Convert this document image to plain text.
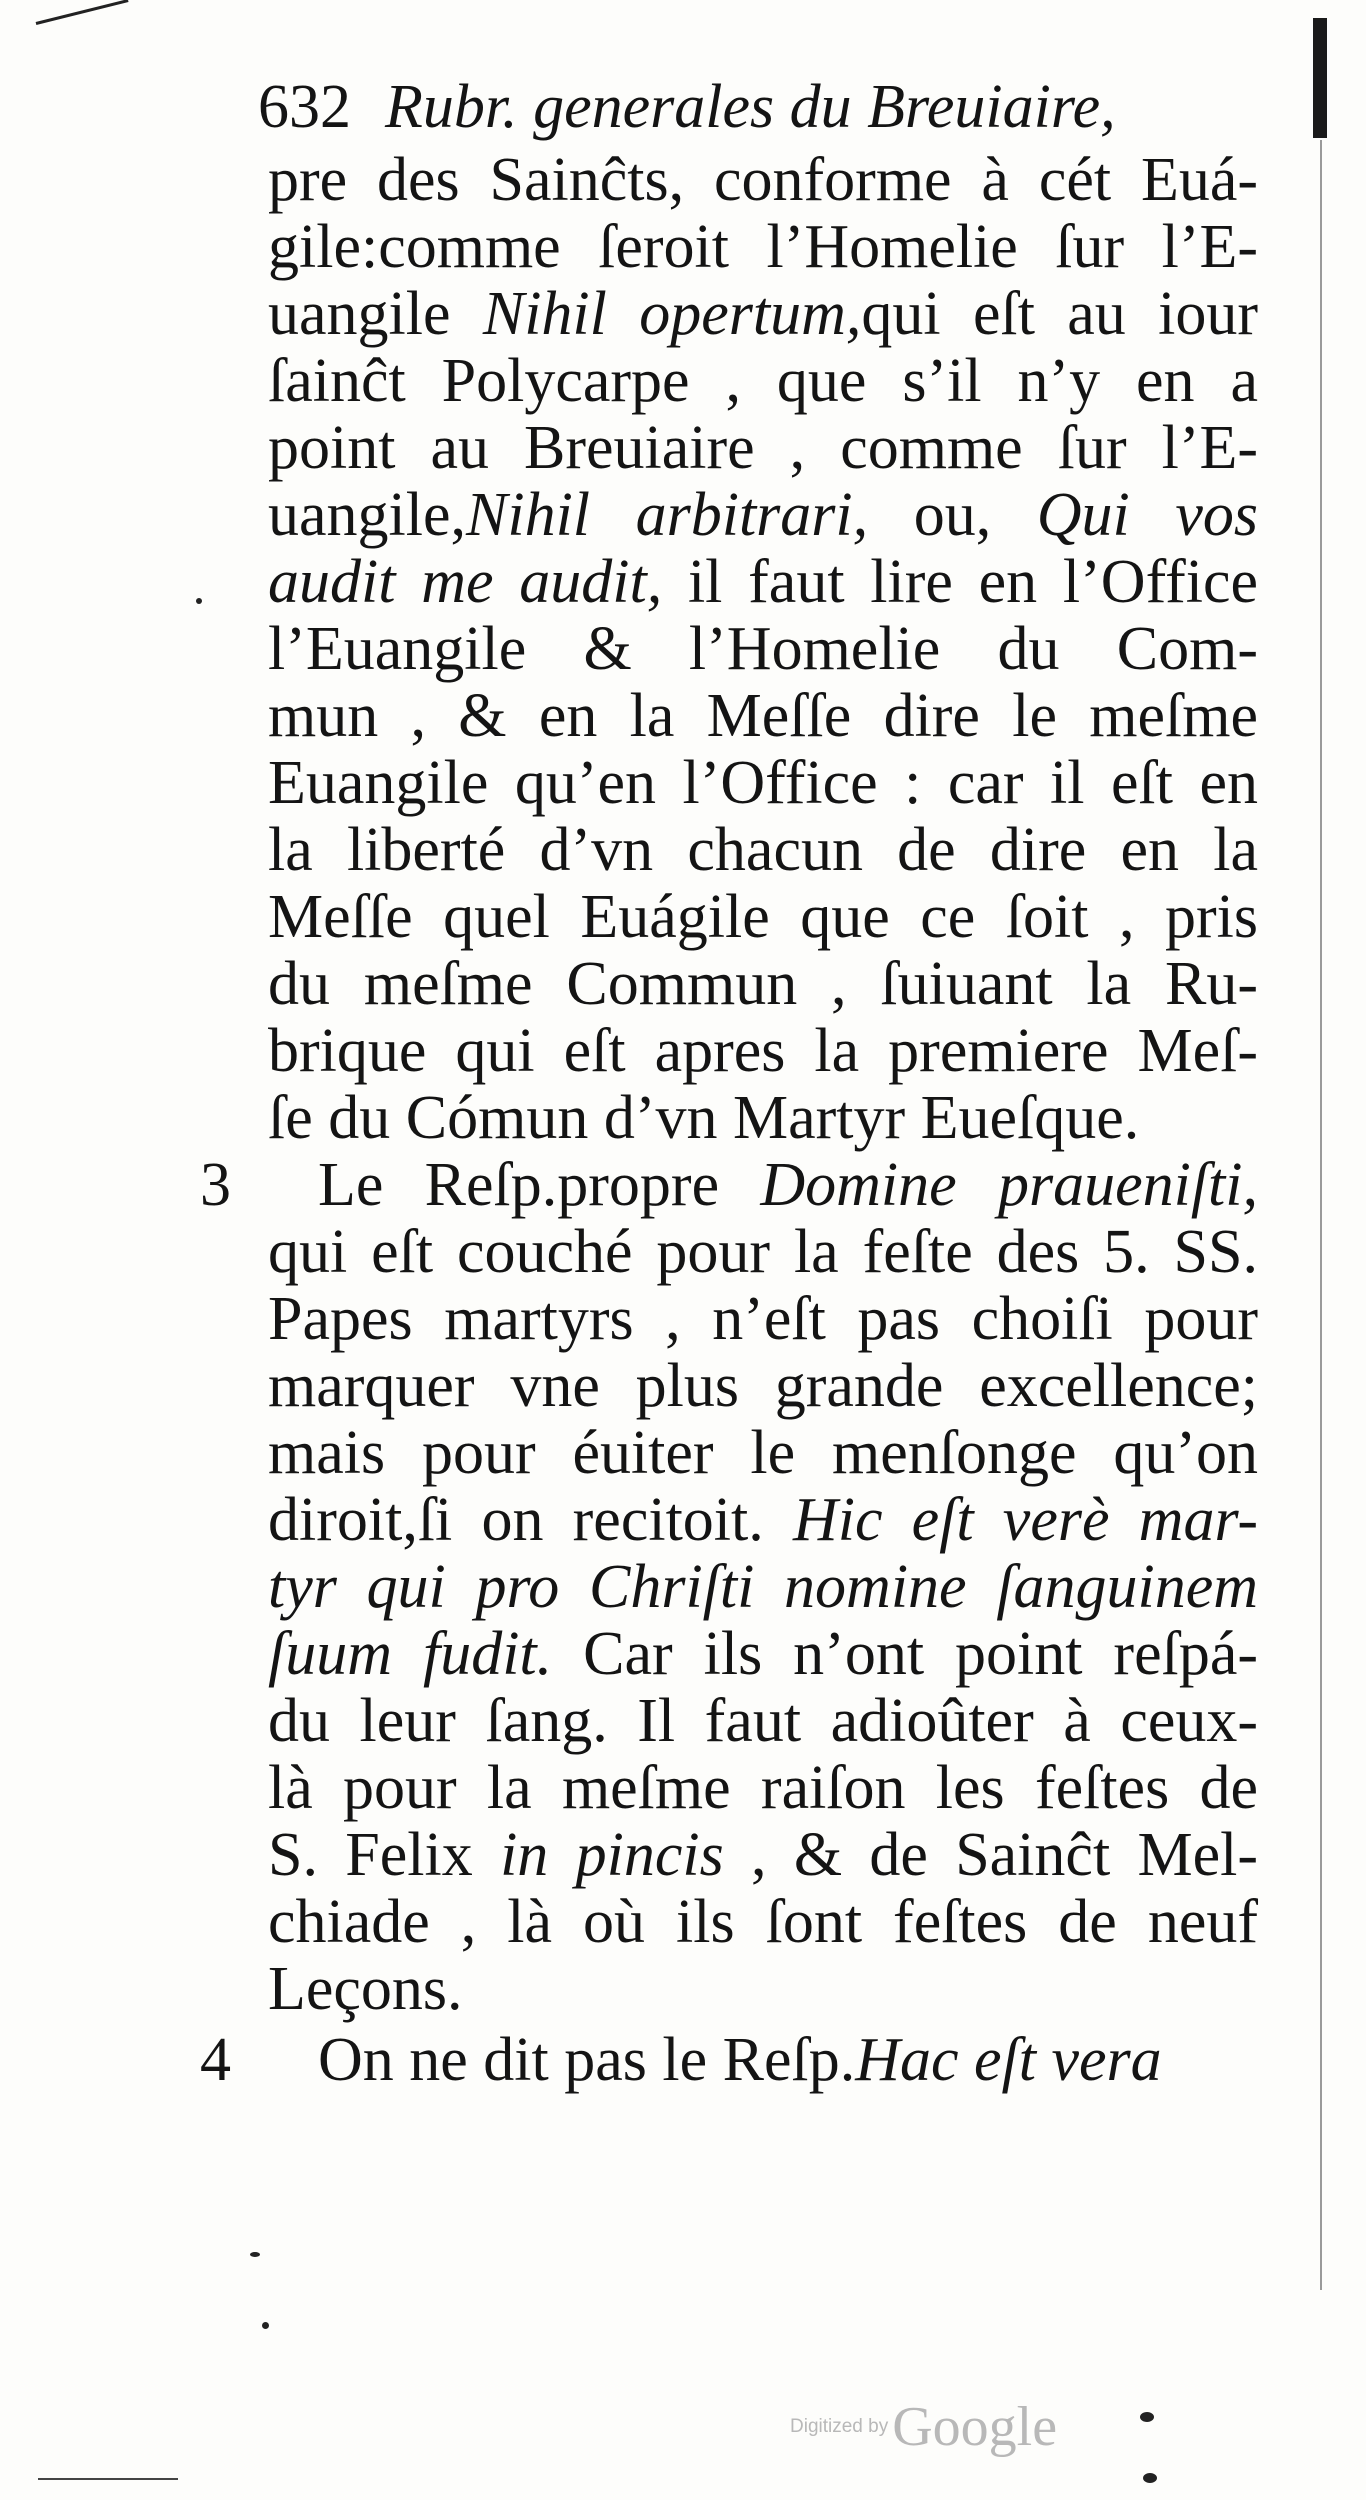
632 Rubr. generales du Breuiaire,
pre des Sainĉts, conforme à cét Euá-
gile:comme ſeroit l’Homelie ſur l’E-
uangile Nihil opertum,qui eſt au iour
ſainĉt Polycarpe , que s’il n’y en a
point au Breuiaire , comme ſur l’E-
uangile,Nihil arbitrari, ou, Qui vos
audit me audit, il faut lire en l’Office
l’Euangile & l’Homelie du Com-
mun , & en la Meſſe dire le meſme
Euangile qu’en l’Office : car il eſt en
la liberté d’vn chacun de dire en la
Meſſe quel Euágile que ce ſoit , pris
du meſme Commun , ſuiuant la Ru-
brique qui eſt apres la premiere Meſ-
ſe du Cómun d’vn Martyr Eueſque.
3	Le Reſp.propre Domine praueniſti,
qui eſt couché pour la feſte des 5. SS.
Papes martyrs , n’eſt pas choiſi pour
marquer vne plus grande excellence;
mais pour éuiter le menſonge qu’on
diroit,ſi on recitoit. Hic eſt verè mar-
tyr qui pro Chriſti nomine ſanguinem
ſuum fudit. Car ils n’ont point reſpá-
du leur ſang. Il faut adioûter à ceux-
là pour la meſme raiſon les feſtes de
S. Felix in pincis , & de Sainĉt Mel-
chiade , là où ils ſont feſtes de neuf
Leçons.
4	On ne dit pas le Reſp.Hac eſt vera
Digitized byGoogle
